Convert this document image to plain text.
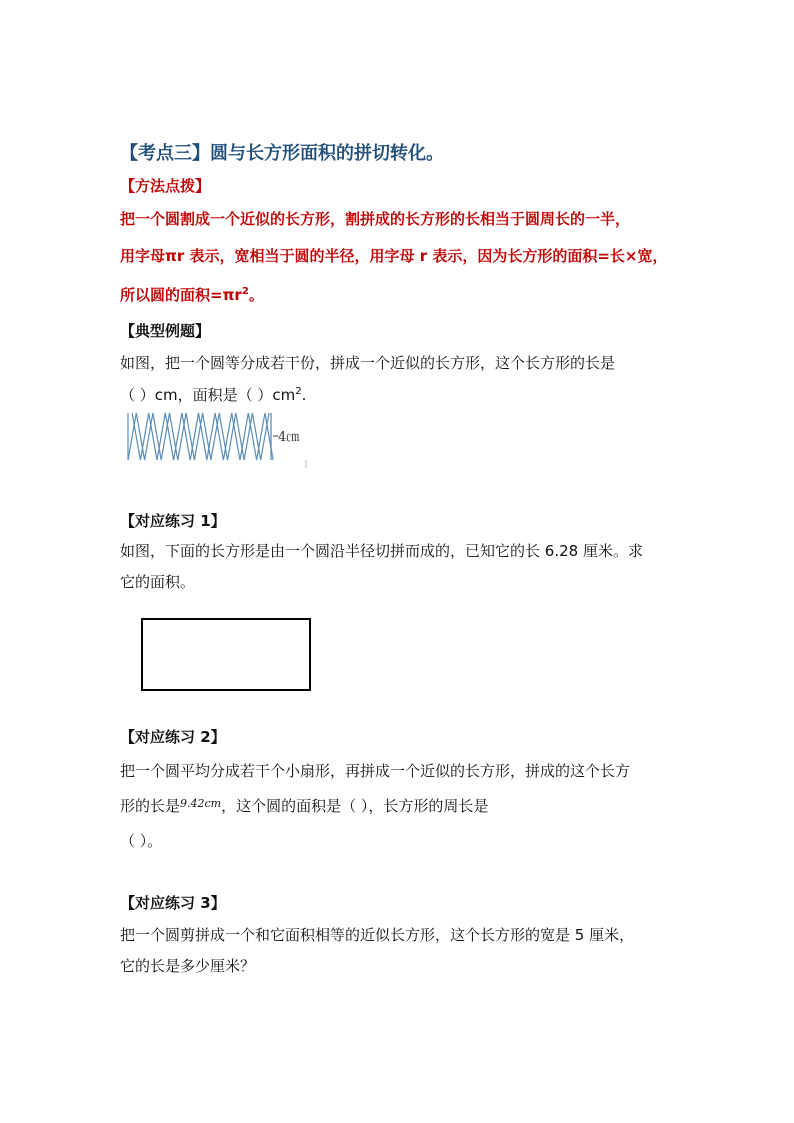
【考点三】圆与长方形面积的拼切转化。
【方法点拨】
把一个圆割成一个近似的长方形，割拼成的长方形的长相当于圆周长的一半，
用字母πr 表示，宽相当于圆的半径，用字母 r 表示，因为长方形的面积=长×宽，
所以圆的面积$=\pi r^2$。
【典型例题】
如图，把一个圆等分成若干份，拼成一个近似的长方形，这个长方形的长是
（ ）cm，面积是（ ）$cm^2$.
4㎝
【对应练习 1】
如图，下面的长方形是由一个圆沿半径切拼而成的，已知它的长 6.28 厘米。求
它的面积。
【对应练习 2】
把一个圆平均分成若干个小扇形，再拼成一个近似的长方形，拼成的这个长方
形的长是$^{9.42cm}$，这个圆的面积是（ ），长方形的周长是
（ ）。
【对应练习 3】
把一个圆剪拼成一个和它面积相等的近似长方形，这个长方形的宽是 5 厘米，
它的长是多少厘米？
